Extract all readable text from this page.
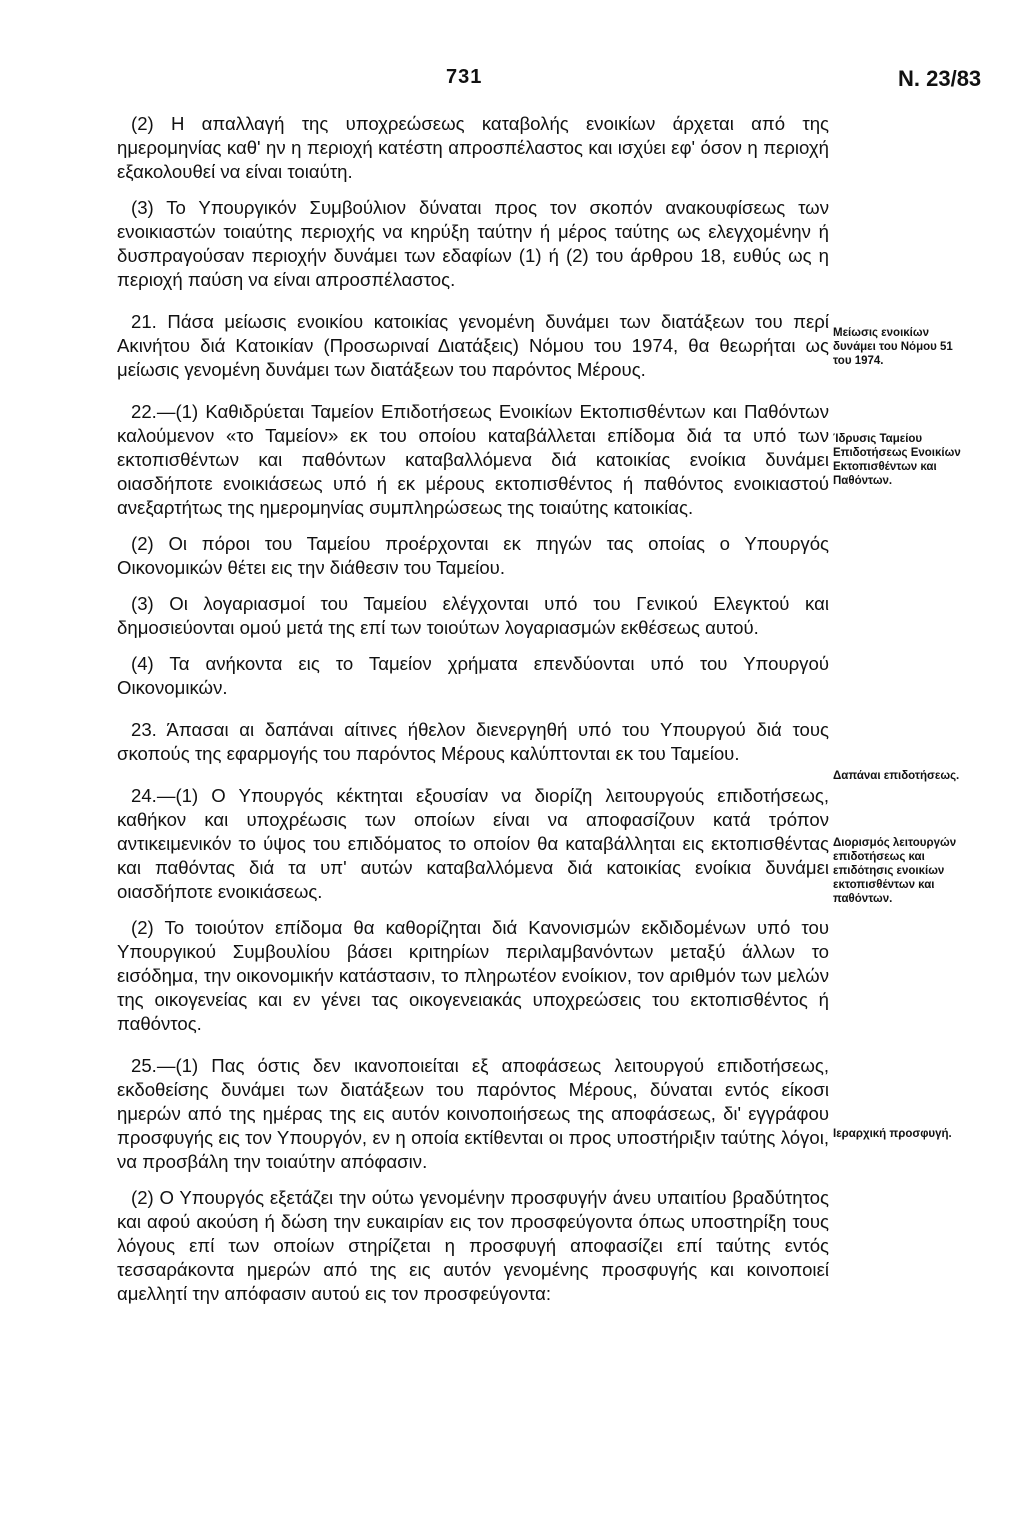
731	N. 23/83

(2) Η απαλλαγή της υποχρεώσεως καταβολής ενοικίων άρχεται από της ημερομηνίας καθ' ην η περιοχή κατέστη απροσπέλαστος και ισχύει εφ' όσον η περιοχή εξακολουθεί να είναι τοιαύτη.

(3) Το Υπουργικόν Συμβούλιον δύναται προς τον σκοπόν ανακουφίσεως των ενοικιαστών τοιαύτης περιοχής να κηρύξη ταύτην ή μέρος ταύτης ως ελεγχομένην ή δυσπραγούσαν περιοχήν δυνάμει των εδαφίων (1) ή (2) του άρθρου 18, ευθύς ως η περιοχή παύση να είναι απροσπέλαστος.

21. Πάσα μείωσις ενοικίου κατοικίας γενομένη δυνάμει των διατάξεων του περί Ακινήτου διά Κατοικίαν (Προσωριναί Διατάξεις) Νόμου του 1974, θα θεωρήται ως μείωσις γενομένη δυνάμει των διατάξεων του παρόντος Μέρους.

22.—(1) Καθιδρύεται Ταμείον Επιδοτήσεως Ενοικίων Εκτοπισθέντων και Παθόντων καλούμενον «το Ταμείον» εκ του οποίου καταβάλλεται επίδομα διά τα υπό των εκτοπισθέντων και παθόντων καταβαλλόμενα διά κατοικίας ενοίκια δυνάμει οιασδήποτε ενοικιάσεως υπό ή εκ μέρους εκτοπισθέντος ή παθόντος ενοικιαστού ανεξαρτήτως της ημερομηνίας συμπληρώσεως της τοιαύτης κατοικίας.

(2) Οι πόροι του Ταμείου προέρχονται εκ πηγών τας οποίας ο Υπουργός Οικονομικών θέτει εις την διάθεσιν του Ταμείου.

(3) Οι λογαριασμοί του Ταμείου ελέγχονται υπό του Γενικού Ελεγκτού και δημοσιεύονται ομού μετά της επί των τοιούτων λογαριασμών εκθέσεως αυτού.

(4) Τα ανήκοντα εις το Ταμείον χρήματα επενδύονται υπό του Υπουργού Οικονομικών.

23. Άπασαι αι δαπάναι αίτινες ήθελον διενεργηθή υπό του Υπουργού διά τους σκοπούς της εφαρμογής του παρόντος Μέρους καλύπτονται εκ του Ταμείου.

24.—(1) Ο Υπουργός κέκτηται εξουσίαν να διορίζη λειτουργούς επιδοτήσεως, καθήκον και υποχρέωσις των οποίων είναι να αποφασίζουν κατά τρόπον αντικειμενικόν το ύψος του επιδόματος το οποίον θα καταβάλληται εις εκτοπισθέντας και παθόντας διά τα υπ' αυτών καταβαλλόμενα διά κατοικίας ενοίκια δυνάμει οιασδήποτε ενοικιάσεως.

(2) Το τοιούτον επίδομα θα καθορίζηται διά Κανονισμών εκδιδομένων υπό του Υπουργικού Συμβουλίου βάσει κριτηρίων περιλαμβανόντων μεταξύ άλλων το εισόδημα, την οικονομικήν κατάστασιν, το πληρωτέον ενοίκιον, τον αριθμόν των μελών της οικογενείας και εν γένει τας οικογενειακάς υποχρεώσεις του εκτοπισθέντος ή παθόντος.

25.—(1) Πας όστις δεν ικανοποιείται εξ αποφάσεως λειτουργού επιδοτήσεως, εκδοθείσης δυνάμει των διατάξεων του παρόντος Μέρους, δύναται εντός είκοσι ημερών από της ημέρας της εις αυτόν κοινοποιήσεως της αποφάσεως, δι' εγγράφου προσφυγής εις τον Υπουργόν, εν η οποία εκτίθενται οι προς υποστήριξιν ταύτης λόγοι, να προσβάλη την τοιαύτην απόφασιν.

(2) Ο Υπουργός εξετάζει την ούτω γενομένην προσφυγήν άνευ υπαιτίου βραδύτητος και αφού ακούση ή δώση την ευκαιρίαν εις τον προσφεύγοντα όπως υποστηρίξη τους λόγους επί των οποίων στηρίζεται η προσφυγή αποφασίζει επί ταύτης εντός τεσσαράκοντα ημερών από της εις αυτόν γενομένης προσφυγής και κοινοποιεί αμελλητί την απόφασιν αυτού εις τον προσφεύγοντα:

Μείωσις ενοικίων δυνάμει του Νόμου 51 του 1974.
Ίδρυσις Ταμείου Επιδοτήσεως Ενοικίων Εκτοπισθέντων και Παθόντων.
Δαπάναι επιδοτήσεως.
Διορισμός λειτουργών επιδοτήσεως και επιδότησις ενοικίων εκτοπισθέντων και παθόντων.
Ιεραρχική προσφυγή.
